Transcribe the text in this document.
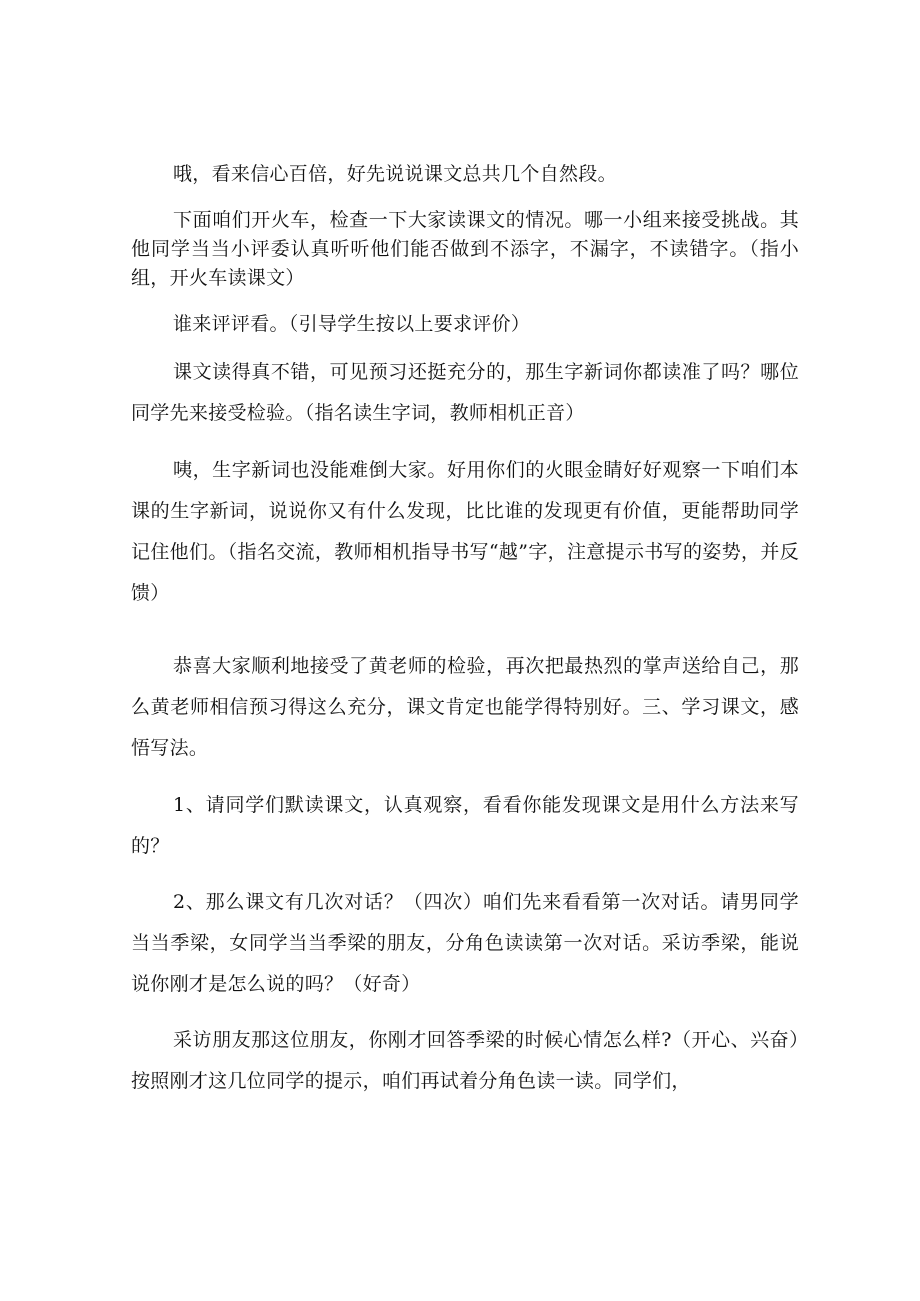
哦，看来信心百倍，好先说说课文总共几个自然段。

下面咱们开火车，检查一下大家读课文的情况。哪一小组来接受挑战。其他同学当当小评委认真听听他们能否做到不添字，不漏字，不读错字。（指小组，开火车读课文）

谁来评评看。（引导学生按以上要求评价）

课文读得真不错，可见预习还挺充分的，那生字新词你都读准了吗？哪位同学先来接受检验。（指名读生字词，教师相机正音）

咦，生字新词也没能难倒大家。好用你们的火眼金睛好好观察一下咱们本课的生字新词，说说你又有什么发现，比比谁的发现更有价值，更能帮助同学记住他们。（指名交流，教师相机指导书写“越”字，注意提示书写的姿势，并反馈）

恭喜大家顺利地接受了黄老师的检验，再次把最热烈的掌声送给自己，那么黄老师相信预习得这么充分，课文肯定也能学得特别好。三、学习课文，感悟写法。

1、请同学们默读课文，认真观察，看看你能发现课文是用什么方法来写的？

2、那么课文有几次对话？（四次）咱们先来看看第一次对话。请男同学当当季梁，女同学当当季梁的朋友，分角色读读第一次对话。采访季梁，能说说你刚才是怎么说的吗？（好奇）

采访朋友那这位朋友，你刚才回答季梁的时候心情怎么样?（开心、兴奋）按照刚才这几位同学的提示，咱们再试着分角色读一读。同学们，
